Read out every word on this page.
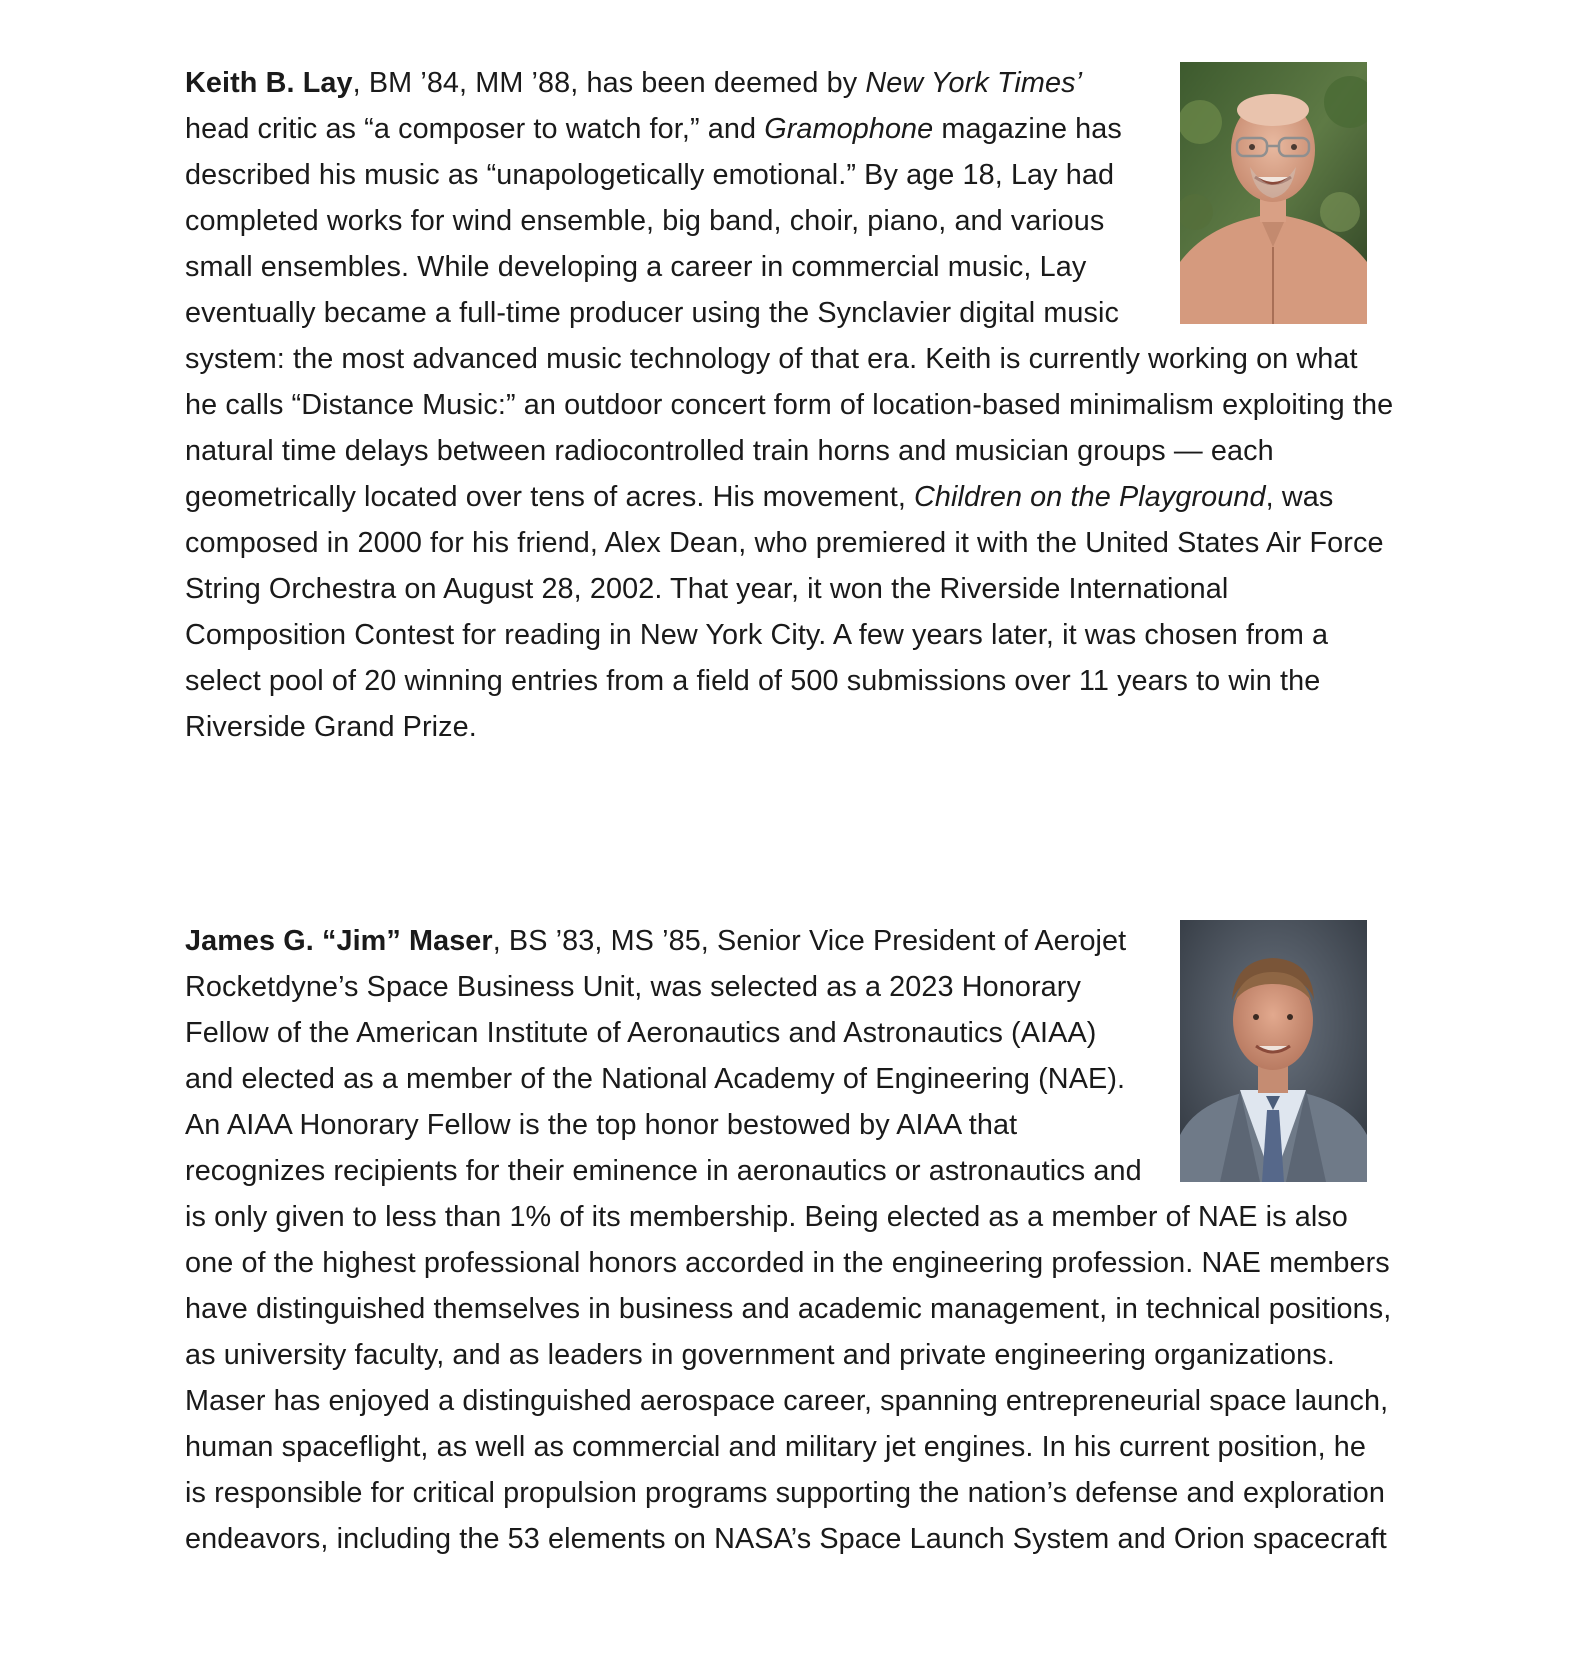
Keith B. Lay, BM ’84, MM ’88, has been deemed by New York Times’ head critic as “a composer to watch for,” and Gramophone magazine has described his music as “unapologetically emotional.” By age 18, Lay had completed works for wind ensemble, big band, choir, piano, and various small ensembles. While developing a career in commercial music, Lay eventually became a full-time producer using the Synclavier digital music system: the most advanced music technology of that era. Keith is currently working on what he calls “Distance Music:” an outdoor concert form of location-based minimalism exploiting the natural time delays between radiocontrolled train horns and musician groups — each geometrically located over tens of acres. His movement, Children on the Playground, was composed in 2000 for his friend, Alex Dean, who premiered it with the United States Air Force String Orchestra on August 28, 2002. That year, it won the Riverside International Composition Contest for reading in New York City. A few years later, it was chosen from a select pool of 20 winning entries from a field of 500 submissions over 11 years to win the Riverside Grand Prize.

James G. “Jim” Maser, BS ’83, MS ’85, Senior Vice President of Aerojet Rocketdyne’s Space Business Unit, was selected as a 2023 Honorary Fellow of the American Institute of Aeronautics and Astronautics (AIAA) and elected as a member of the National Academy of Engineering (NAE). An AIAA Honorary Fellow is the top honor bestowed by AIAA that recognizes recipients for their eminence in aeronautics or astronautics and is only given to less than 1% of its membership. Being elected as a member of NAE is also one of the highest professional honors accorded in the engineering profession. NAE members have distinguished themselves in business and academic management, in technical positions, as university faculty, and as leaders in government and private engineering organizations. Maser has enjoyed a distinguished aerospace career, spanning entrepreneurial space launch, human spaceflight, as well as commercial and military jet engines. In his current position, he is responsible for critical propulsion programs supporting the nation’s defense and exploration endeavors, including the 53 elements on NASA’s Space Launch System and Orion spacecraft
